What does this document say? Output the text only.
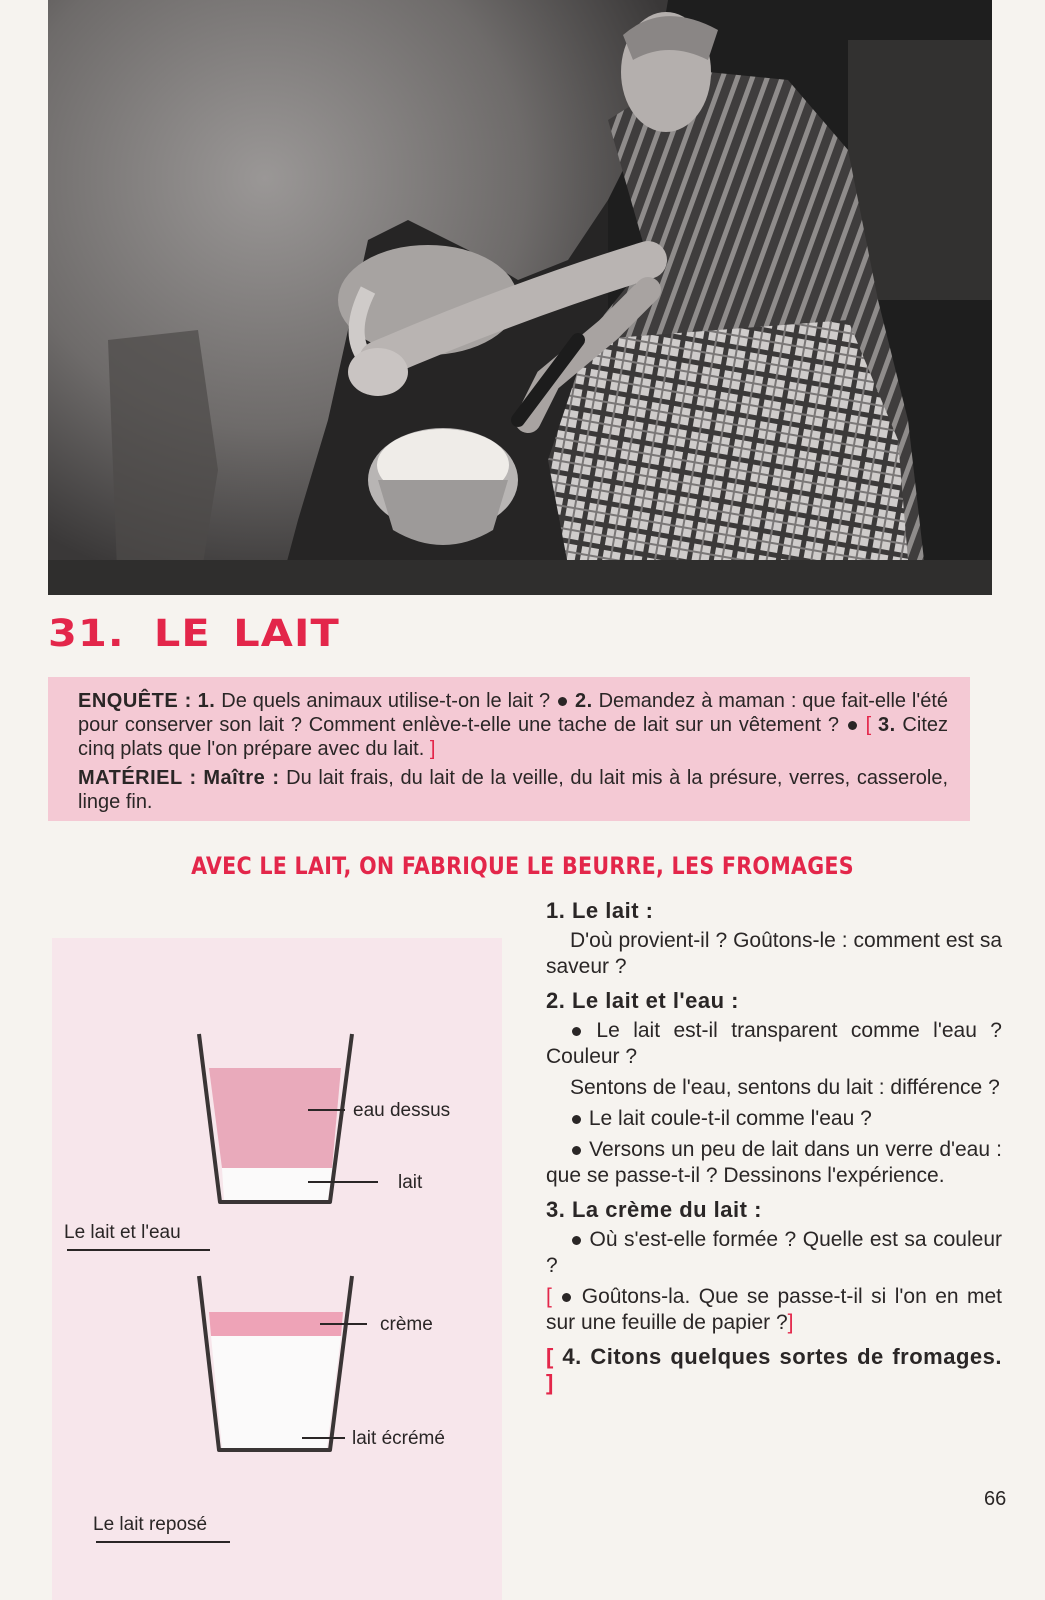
31. LE LAIT

ENQUÊTE : 1. De quels animaux utilise-t-on le lait ? 2. Demandez à maman : que fait-elle l'été pour conserver son lait ? Comment enlève-t-elle une tache de lait sur un vêtement ? [ 3. Citez cinq plats que l'on prépare avec du lait. ]

MATÉRIEL : Maître : Du lait frais, du lait de la veille, du lait mis à la présure, verres, casserole, linge fin.

AVEC LE LAIT, ON FABRIQUE LE BEURRE, LES FROMAGES
eau dessus
lait
Le lait et l'eau
crème
lait écrémé
Le lait reposé
1. Le lait :

D'où provient-il ? Goûtons-le : comment est sa saveur ?

2. Le lait et l'eau :

Le lait est-il transparent comme l'eau ? Couleur ?

Sentons de l'eau, sentons du lait : différence ?

Le lait coule-t-il comme l'eau ?

Versons un peu de lait dans un verre d'eau : que se passe-t-il ? Dessinons l'expérience.

3. La crème du lait :

Où s'est-elle formée ? Quelle est sa couleur ?

[  Goûtons-la. Que se passe-t-il si l'on en met sur une feuille de papier ?]

[ 4. Citons quelques sortes de fromages. ]

66
